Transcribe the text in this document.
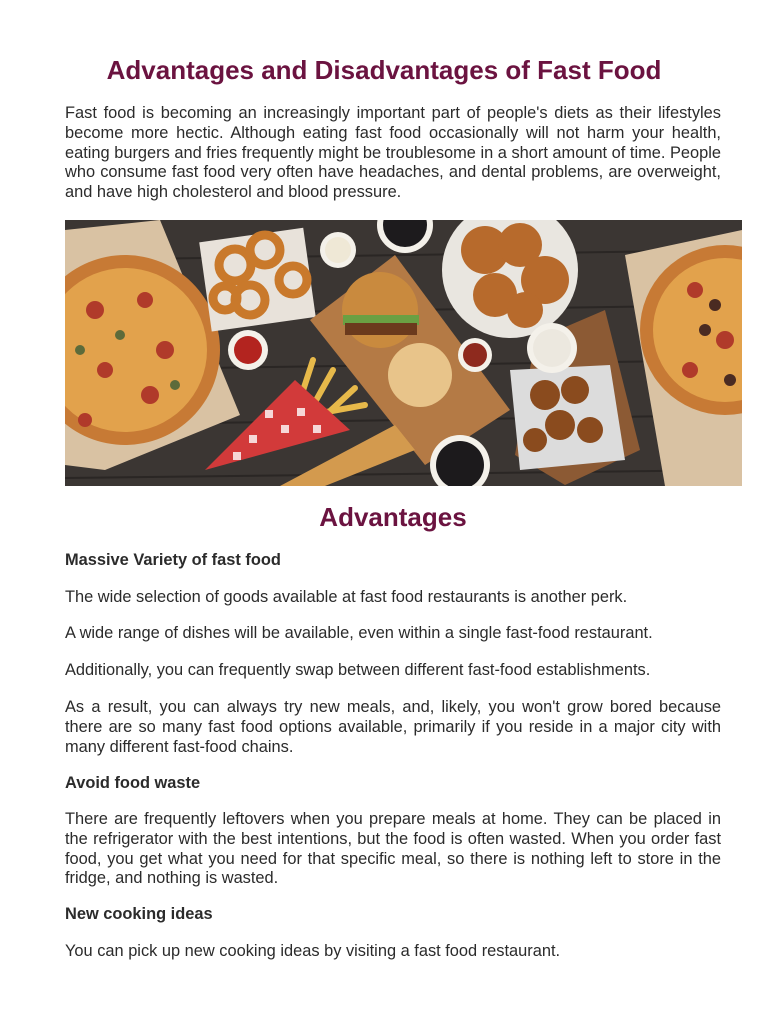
Advantages and Disadvantages of Fast Food

Fast food is becoming an increasingly important part of people's diets as their lifestyles become more hectic. Although eating fast food occasionally will not harm your health, eating burgers and fries frequently might be troublesome in a short amount of time. People who consume fast food very often have headaches, and dental problems, are overweight, and have high cholesterol and blood pressure.

Advantages

Massive Variety of fast food

The wide selection of goods available at fast food restaurants is another perk.

A wide range of dishes will be available, even within a single fast-food restaurant.

Additionally, you can frequently swap between different fast-food establishments.

As a result, you can always try new meals, and, likely, you won't grow bored because there are so many fast food options available, primarily if you reside in a major city with many different fast-food chains.

Avoid food waste

There are frequently leftovers when you prepare meals at home. They can be placed in the refrigerator with the best intentions, but the food is often wasted. When you order fast food, you get what you need for that specific meal, so there is nothing left to store in the fridge, and nothing is wasted.

New cooking ideas

You can pick up new cooking ideas by visiting a fast food restaurant.
